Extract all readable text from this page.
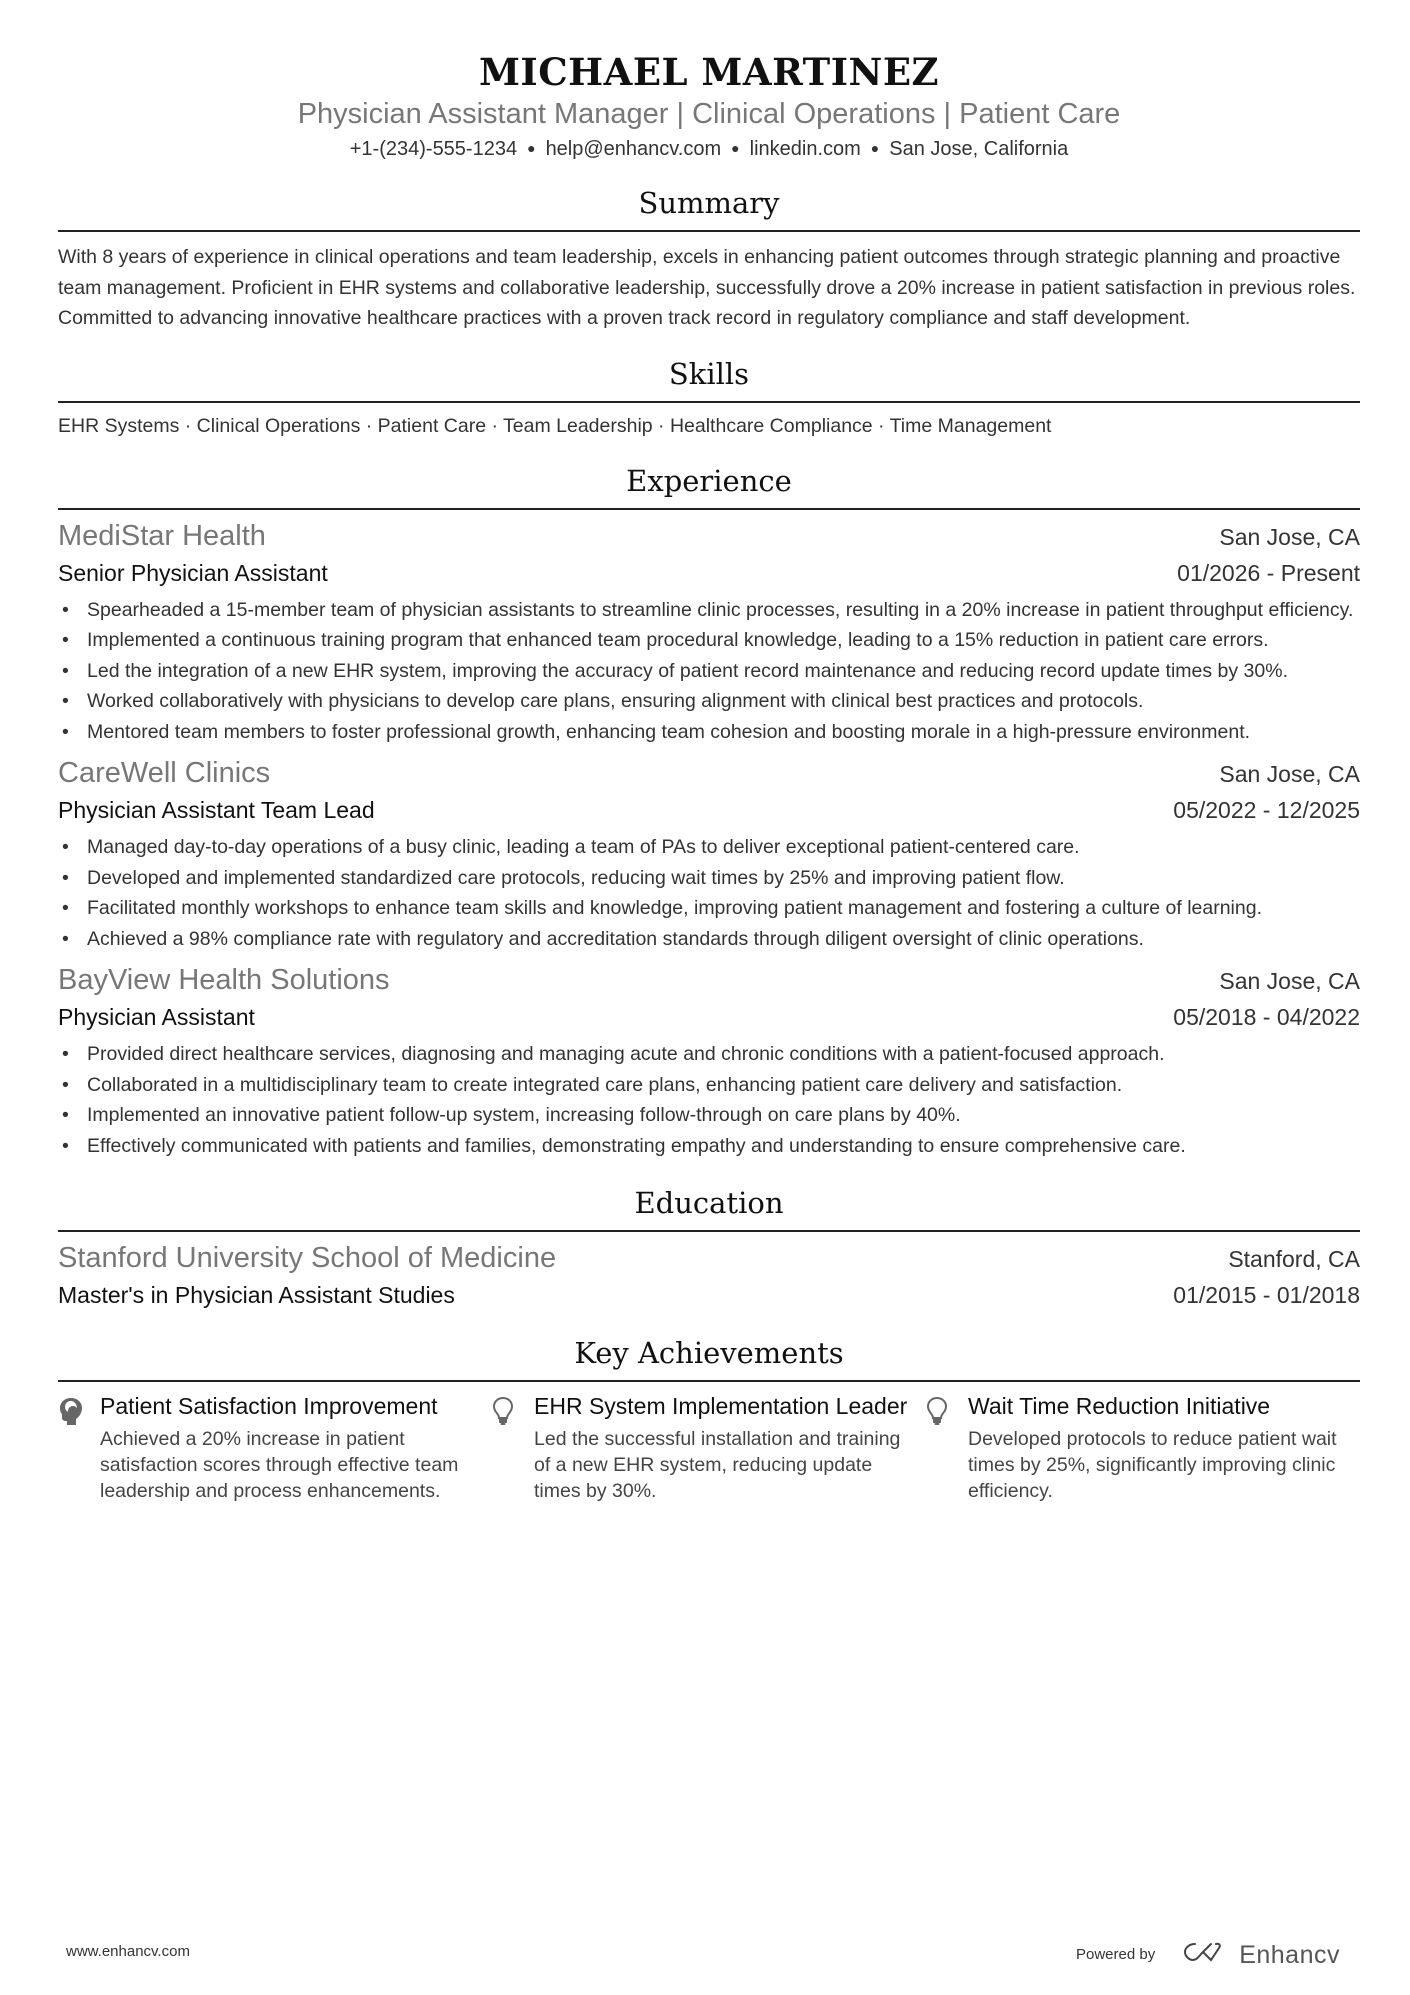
MICHAEL MARTINEZ
Physician Assistant Manager | Clinical Operations | Patient Care
+1-(234)-555-1234 ● help@enhancv.com ● linkedin.com ● San Jose, California
Summary
With 8 years of experience in clinical operations and team leadership, excels in enhancing patient outcomes through strategic planning and proactive team management. Proficient in EHR systems and collaborative leadership, successfully drove a 20% increase in patient satisfaction in previous roles. Committed to advancing innovative healthcare practices with a proven track record in regulatory compliance and staff development.
Skills
EHR Systems · Clinical Operations · Patient Care · Team Leadership · Healthcare Compliance · Time Management
Experience
MediStar Health	San Jose, CA
Senior Physician Assistant	01/2026 - Present
• Spearheaded a 15-member team of physician assistants to streamline clinic processes, resulting in a 20% increase in patient throughput efficiency.
• Implemented a continuous training program that enhanced team procedural knowledge, leading to a 15% reduction in patient care errors.
• Led the integration of a new EHR system, improving the accuracy of patient record maintenance and reducing record update times by 30%.
• Worked collaboratively with physicians to develop care plans, ensuring alignment with clinical best practices and protocols.
• Mentored team members to foster professional growth, enhancing team cohesion and boosting morale in a high-pressure environment.
CareWell Clinics	San Jose, CA
Physician Assistant Team Lead	05/2022 - 12/2025
• Managed day-to-day operations of a busy clinic, leading a team of PAs to deliver exceptional patient-centered care.
• Developed and implemented standardized care protocols, reducing wait times by 25% and improving patient flow.
• Facilitated monthly workshops to enhance team skills and knowledge, improving patient management and fostering a culture of learning.
• Achieved a 98% compliance rate with regulatory and accreditation standards through diligent oversight of clinic operations.
BayView Health Solutions	San Jose, CA
Physician Assistant	05/2018 - 04/2022
• Provided direct healthcare services, diagnosing and managing acute and chronic conditions with a patient-focused approach.
• Collaborated in a multidisciplinary team to create integrated care plans, enhancing patient care delivery and satisfaction.
• Implemented an innovative patient follow-up system, increasing follow-through on care plans by 40%.
• Effectively communicated with patients and families, demonstrating empathy and understanding to ensure comprehensive care.
Education
Stanford University School of Medicine	Stanford, CA
Master's in Physician Assistant Studies	01/2015 - 01/2018
Key Achievements
Patient Satisfaction Improvement
Achieved a 20% increase in patient satisfaction scores through effective team leadership and process enhancements.
EHR System Implementation Leader
Led the successful installation and training of a new EHR system, reducing update times by 30%.
Wait Time Reduction Initiative
Developed protocols to reduce patient wait times by 25%, significantly improving clinic efficiency.
www.enhancv.com	Powered by	Enhancv
